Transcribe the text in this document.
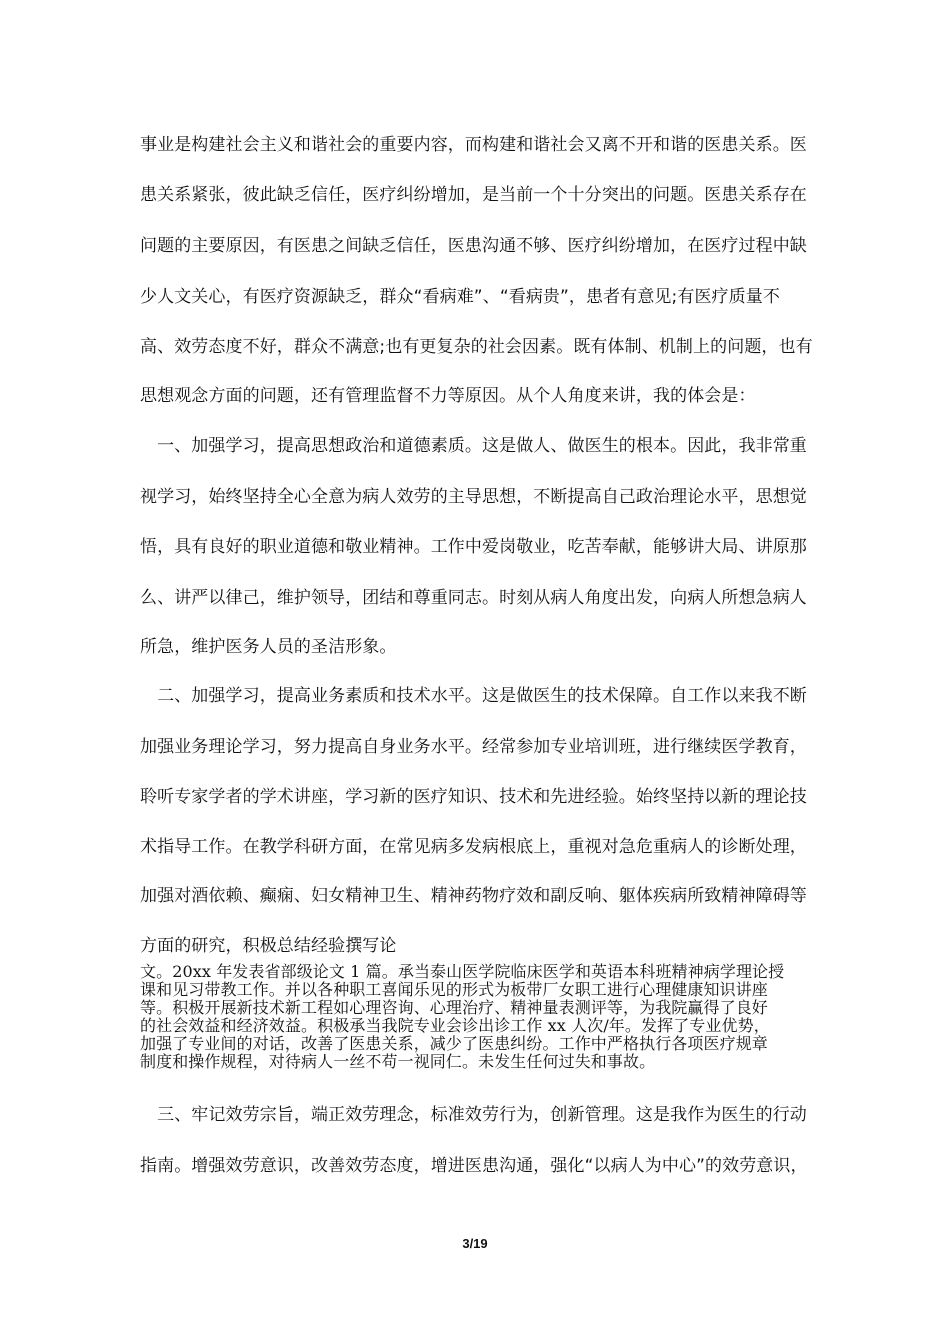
事业是构建社会主义和谐社会的重要内容，而构建和谐社会又离不开和谐的医患关系。医
患关系紧张，彼此缺乏信任，医疗纠纷增加，是当前一个十分突出的问题。医患关系存在
问题的主要原因，有医患之间缺乏信任，医患沟通不够、医疗纠纷增加，在医疗过程中缺
少人文关心，有医疗资源缺乏，群众“看病难”、“看病贵”，患者有意见;有医疗质量不
高、效劳态度不好，群众不满意;也有更复杂的社会因素。既有体制、机制上的问题，也有
思想观念方面的问题，还有管理监督不力等原因。从个人角度来讲，我的体会是：
　一、加强学习，提高思想政治和道德素质。这是做人、做医生的根本。因此，我非常重
视学习，始终坚持全心全意为病人效劳的主导思想，不断提高自己政治理论水平，思想觉
悟，具有良好的职业道德和敬业精神。工作中爱岗敬业，吃苦奉献，能够讲大局、讲原那
么、讲严以律己，维护领导，团结和尊重同志。时刻从病人角度出发，向病人所想急病人
所急，维护医务人员的圣洁形象。
　二、加强学习，提高业务素质和技术水平。这是做医生的技术保障。自工作以来我不断
加强业务理论学习，努力提高自身业务水平。经常参加专业培训班，进行继续医学教育，
聆听专家学者的学术讲座，学习新的医疗知识、技术和先进经验。始终坚持以新的理论技
术指导工作。在教学科研方面，在常见病多发病根底上，重视对急危重病人的诊断处理，
加强对酒依赖、癫痫、妇女精神卫生、精神药物疗效和副反响、躯体疾病所致精神障碍等
方面的研究，积极总结经验撰写论
文。20xx 年发表省部级论文 1 篇。承当泰山医学院临床医学和英语本科班精神病学理论授
课和见习带教工作。并以各种职工喜闻乐见的形式为板带厂女职工进行心理健康知识讲座
等。积极开展新技术新工程如心理咨询、心理治疗、精神量表测评等，为我院赢得了良好
的社会效益和经济效益。积极承当我院专业会诊出诊工作 xx 人次/年。发挥了专业优势，
加强了专业间的对话，改善了医患关系，减少了医患纠纷。工作中严格执行各项医疗规章
制度和操作规程，对待病人一丝不苟一视同仁。未发生任何过失和事故。
　三、牢记效劳宗旨，端正效劳理念，标准效劳行为，创新管理。这是我作为医生的行动
指南。增强效劳意识，改善效劳态度，增进医患沟通，强化“以病人为中心”的效劳意识，
3/19
